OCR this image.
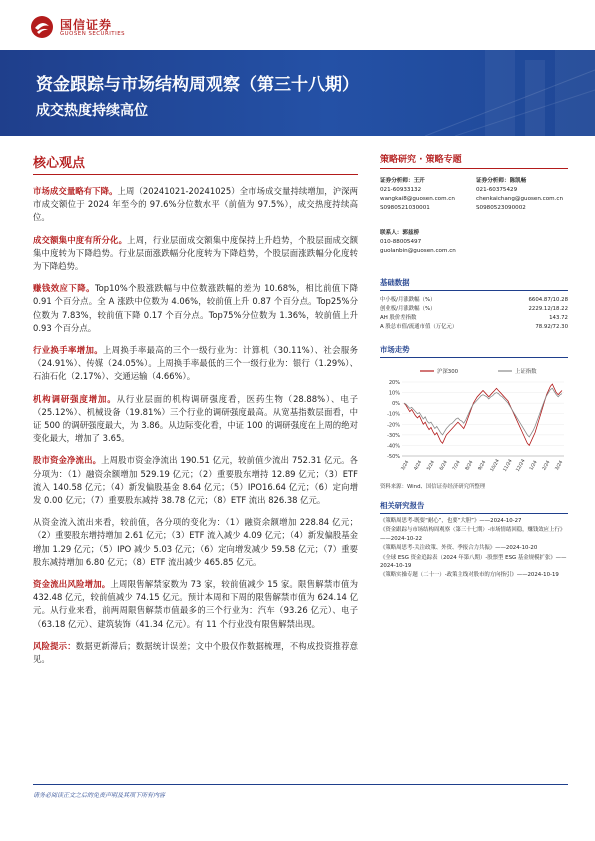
国信证券
GUOSEN SECURITIES
资金跟踪与市场结构周观察（第三十八期）
成交热度持续高位
核心观点
市场成交量略有下降。上周（20241021-20241025）全市场成交量持续增加，沪深两市成交额位于 2024 年至今的 97.6%分位数水平（前值为 97.5%），成交热度持续高位。
成交额集中度有所分化。上周，行业层面成交额集中度保持上升趋势，个股层面成交额集中度转为下降趋势。行业层面涨跌幅分化度转为下降趋势，个股层面涨跌幅分化度转为下降趋势。
赚钱效应下降。Top10%个股涨跌幅与中位数涨跌幅的差为 10.68%，相比前值下降 0.91 个百分点。全 A 涨跌中位数为 4.06%，较前值上升 0.87 个百分点。Top25%分位数为 7.83%，较前值下降 0.17 个百分点。Top75%分位数为 1.36%，较前值上升 0.93 个百分点。
行业换手率增加。上周换手率最高的三个一级行业为：计算机（30.11%）、社会服务（24.91%）、传媒（24.05%）。上周换手率最低的三个一级行业为：银行（1.29%）、石油石化（2.17%）、交通运输（4.66%）。
机构调研强度增加。从行业层面的机构调研强度看，医药生物（28.88%）、电子（25.12%）、机械设备（19.81%）三个行业的调研强度最高。从宽基指数层面看，中证 500 的调研强度最大，为 3.86。从边际变化看，中证 100 的调研强度在上周的绝对变化最大，增加了 3.65。
股市资金净流出。上周股市资金净流出 190.51 亿元，较前值少流出 752.31 亿元。各分项为：（1）融资余额增加 529.19 亿元；（2）重要股东增持 12.89 亿元；（3）ETF 流入 140.58 亿元；（4）新发偏股基金 8.64 亿元；（5）IPO16.64 亿元；（6）定向增发 0.00 亿元；（7）重要股东减持 38.78 亿元；（8）ETF 流出 826.38 亿元。
从资金流入流出来看，较前值，各分项的变化为：（1）融资余额增加 228.84 亿元；（2）重要股东增持增加 2.61 亿元；（3）ETF 流入减少 4.09 亿元；（4）新发偏股基金增加 1.29 亿元；（5）IPO 减少 5.03 亿元；（6）定向增发减少 59.58 亿元；（7）重要股东减持增加 6.80 亿元；（8）ETF 流出减少 465.85 亿元。
资金流出风险增加。上周限售解禁家数为 73 家，较前值减少 15 家。限售解禁市值为 432.48 亿元，较前值减少 74.15 亿元。预计本周和下周的限售解禁市值为 624.14 亿元。从行业来看，前两周限售解禁市值最多的三个行业为：汽车（93.26 亿元）、电子（63.18 亿元）、建筑装饰（41.34 亿元）。有 11 个行业没有限售解禁出现。
风险提示：数据更新滞后；数据统计误差；文中个股仅作数据梳理，不构成投资推荐意见。
策略研究 · 策略专题
证券分析师：王开
021-60933132
wangkai8@guosen.com.cn
S0980521030001
证券分析师：陈凯畅
021-60375429
chenkaichang@guosen.com.cn
S0980523090002
联系人：郭兹桥
010-88005497
guolanbin@guosen.com.cn
基础数据
中小板/月涨跌幅（%）	6604.87/10.28
创业板/月涨跌幅（%）	2229.12/18.22
AH 股价差指数	143.72
A 股总市值/流通市值（万亿元）	78.92/72.30
市场走势
沪深300	上证指数
20%
10%
0%
-10%
-20%
-30%
-40%
-50%
3/24 4/24 5/24 6/24 7/24 8/24 9/24 10/24 11/24 12/24 1/24 2/24 3/24
资料来源：Wind、国信证券经济研究所整理
相关研究报告
《策略周思考-既要“耐心”，也要“大胆”》——2024-10-27
《资金跟踪与市场结构周观察（第三十七期）-市场情绪回稳，赚钱效应上行》——2024-10-22
《策略周思考-关注政策、外资、季报合力共振》——2024-10-20
《全球 ESG 资金追踪表（2024 年第八期）-股票型 ESG 基金规模扩张》——2024-10-19
《策略实操专题（二十一）-政策主线对股市的方向指引》——2024-10-19
请务必阅读正文之后的免责声明及其项下所有内容
